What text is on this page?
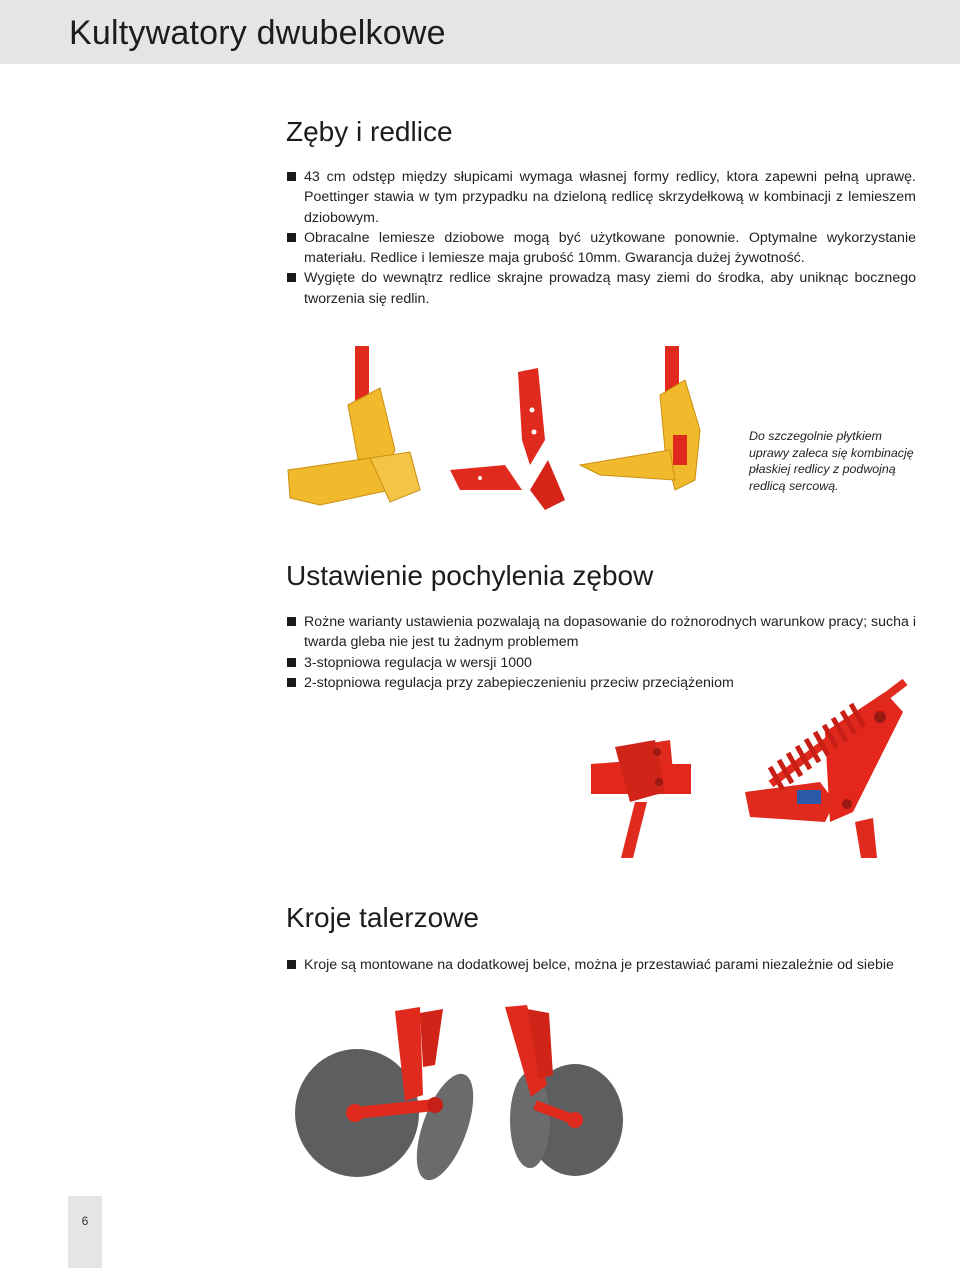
Kultywatory dwubelkowe
Zęby i redlice
43 cm odstęp między słupicami wymaga własnej formy redlicy, ktora zapewni pełną uprawę. Poettinger stawia w tym przypadku na dzieloną redlicę skrzydełkową w kombinacji z lemieszem dziobowym.
Obracalne lemiesze dziobowe mogą być użytkowane ponownie. Optymalne wykorzystanie materiału. Redlice i lemiesze maja grubość 10mm. Gwarancja dużej żywotność.
Wygięte do wewnątrz redlice skrajne prowadzą masy ziemi do środka, aby uniknąc bocznego tworzenia się redlin.
Do szczegolnie płytkiem uprawy zaleca się kombinację płaskiej redlicy z podwojną redlicą sercową.
Ustawienie pochylenia zębow
Rożne warianty ustawienia pozwalają na dopasowanie do rożnorodnych warunkow pracy; sucha i twarda gleba nie jest tu żadnym problemem
3-stopniowa regulacja w wersji 1000
2-stopniowa regulacja przy zabepieczenieniu przeciw przeciążeniom
Kroje talerzowe
Kroje są montowane na dodatkowej belce, można je przestawiać parami niezależnie od siebie
6
